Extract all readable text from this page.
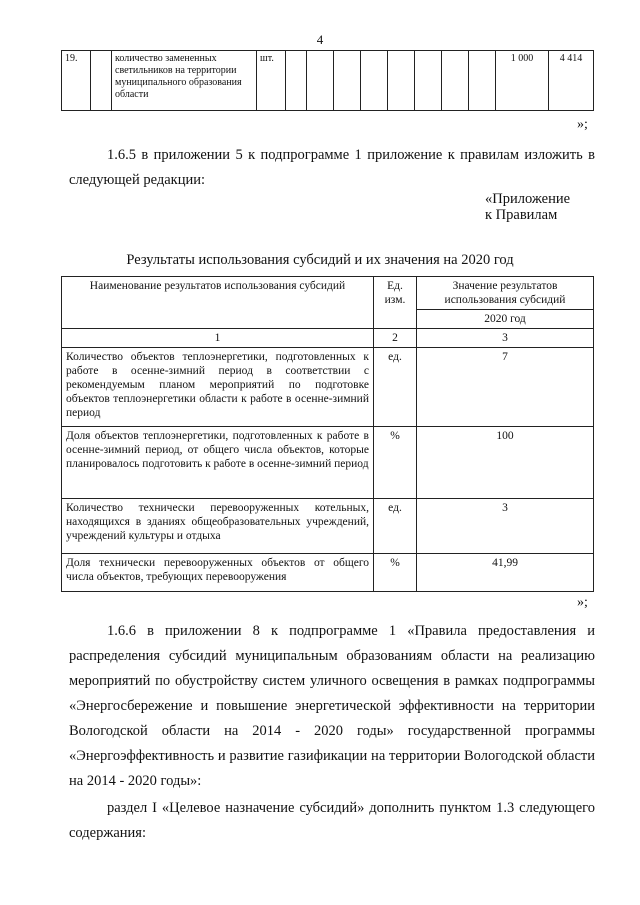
4
19.		количество замененных светильников на территории муниципального образования области	шт.									1 000	4 414
»;
1.6.5 в приложении 5 к подпрограмме 1 приложение к правилам изложить в следующей редакции:
«Приложение
к Правилам
Результаты использования субсидий и их значения на 2020 год
Наименование результатов использования субсидий	Ед. изм.	Значение результатов использования субсидий
		2020 год
1	2	3
Количество объектов теплоэнергетики, подготовленных к работе в осенне-зимний период в соответствии с рекомендуемым планом мероприятий по подготовке объектов теплоэнергетики области к работе в осенне-зимний период	ед.	7
Доля объектов теплоэнергетики, подготовленных к работе в осенне-зимний период, от общего числа объектов, которые планировалось подготовить к работе в осенне-зимний период	%	100
Количество технически перевооруженных котельных, находящихся в зданиях общеобразовательных учреждений, учреждений культуры и отдыха	ед.	3
Доля технически перевооруженных объектов от общего числа объектов, требующих перевооружения	%	41,99
»;
1.6.6 в приложении 8 к подпрограмме 1 «Правила предоставления и распределения субсидий муниципальным образованиям области на реализацию мероприятий по обустройству систем уличного освещения в рамках подпрограммы «Энергосбережение и повышение энергетической эффективности на территории Вологодской области на 2014 - 2020 годы» государственной программы «Энергоэффективность и развитие газификации на территории Вологодской области на 2014 - 2020 годы»:
раздел I «Целевое назначение субсидий» дополнить пунктом 1.3 следующего содержания:
